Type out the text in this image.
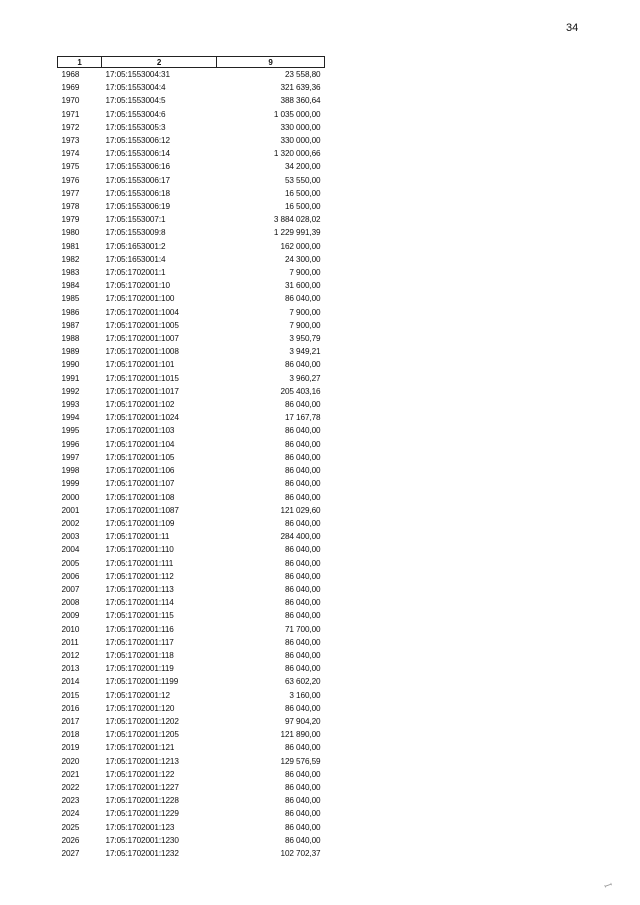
34
1	2	9
1968	17:05:1553004:31	23 558,80
1969	17:05:1553004:4	321 639,36
1970	17:05:1553004:5	388 360,64
1971	17:05:1553004:6	1 035 000,00
1972	17:05:1553005:3	330 000,00
1973	17:05:1553006:12	330 000,00
1974	17:05:1553006:14	1 320 000,66
1975	17:05:1553006:16	34 200,00
1976	17:05:1553006:17	53 550,00
1977	17:05:1553006:18	16 500,00
1978	17:05:1553006:19	16 500,00
1979	17:05:1553007:1	3 884 028,02
1980	17:05:1553009:8	1 229 991,39
1981	17:05:1653001:2	162 000,00
1982	17:05:1653001:4	24 300,00
1983	17:05:1702001:1	7 900,00
1984	17:05:1702001:10	31 600,00
1985	17:05:1702001:100	86 040,00
1986	17:05:1702001:1004	7 900,00
1987	17:05:1702001:1005	7 900,00
1988	17:05:1702001:1007	3 950,79
1989	17:05:1702001:1008	3 949,21
1990	17:05:1702001:101	86 040,00
1991	17:05:1702001:1015	3 960,27
1992	17:05:1702001:1017	205 403,16
1993	17:05:1702001:102	86 040,00
1994	17:05:1702001:1024	17 167,78
1995	17:05:1702001:103	86 040,00
1996	17:05:1702001:104	86 040,00
1997	17:05:1702001:105	86 040,00
1998	17:05:1702001:106	86 040,00
1999	17:05:1702001:107	86 040,00
2000	17:05:1702001:108	86 040,00
2001	17:05:1702001:1087	121 029,60
2002	17:05:1702001:109	86 040,00
2003	17:05:1702001:11	284 400,00
2004	17:05:1702001:110	86 040,00
2005	17:05:1702001:111	86 040,00
2006	17:05:1702001:112	86 040,00
2007	17:05:1702001:113	86 040,00
2008	17:05:1702001:114	86 040,00
2009	17:05:1702001:115	86 040,00
2010	17:05:1702001:116	71 700,00
2011	17:05:1702001:117	86 040,00
2012	17:05:1702001:118	86 040,00
2013	17:05:1702001:119	86 040,00
2014	17:05:1702001:1199	63 602,20
2015	17:05:1702001:12	3 160,00
2016	17:05:1702001:120	86 040,00
2017	17:05:1702001:1202	97 904,20
2018	17:05:1702001:1205	121 890,00
2019	17:05:1702001:121	86 040,00
2020	17:05:1702001:1213	129 576,59
2021	17:05:1702001:122	86 040,00
2022	17:05:1702001:1227	86 040,00
2023	17:05:1702001:1228	86 040,00
2024	17:05:1702001:1229	86 040,00
2025	17:05:1702001:123	86 040,00
2026	17:05:1702001:1230	86 040,00
2027	17:05:1702001:1232	102 702,37
ꟷ
